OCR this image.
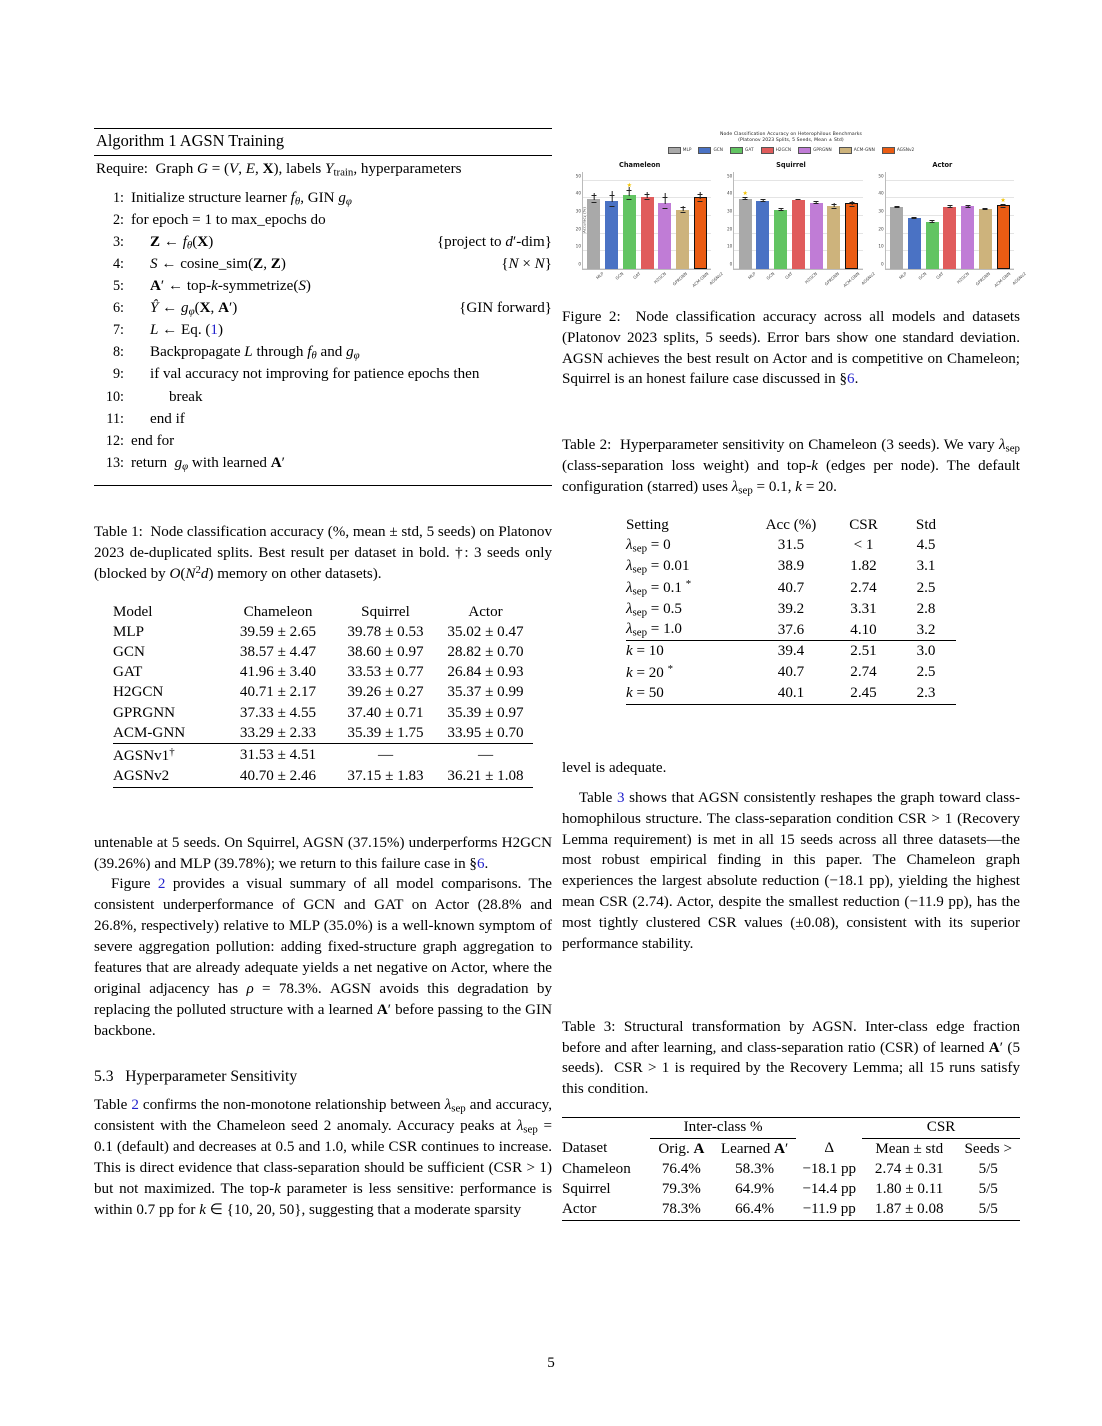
Algorithm 1 AGSN Training
Require:  Graph G = (V, E, X), labels $Y_{train}$, hyperparameters
1: Initialize structure learner $f_\theta$, GIN $g_\varphi$
2: for epoch = 1 to max_epochs do
3:	Z ← $f_\theta(X)$	{project to d′-dim}
4:	S ← cosine_sim(Z, Z)	{N × N}
5:	A′ ← top-k-symmetrize(S)
6:	Ŷ ← $g_\varphi(X$, A′)	{GIN forward}
7:	L ← Eq. (1)
8:	Backpropagate L through $f_\theta$ and $g_\varphi$
9:	if val accuracy not improving for patience epochs then
10:	break
11:	end if
12: end for
13: return  $g_\varphi$ with learned A′
Table 1:  Node classification accuracy (%, mean ± std, 5 seeds) on Platonov 2023 de-duplicated splits. Best result per dataset in bold. †: 3 seeds only (blocked by $O(N^2d)$ memory on other datasets).
Model	Chameleon	Squirrel	Actor
MLP	39.59 ± 2.65	39.78 ± 0.53	35.02 ± 0.47
GCN	38.57 ± 4.47	38.60 ± 0.97	28.82 ± 0.70
GAT	41.96 ± 3.40	33.53 ± 0.77	26.84 ± 0.93
H2GCN	40.71 ± 2.17	39.26 ± 0.27	35.37 ± 0.99
GPRGNN	37.33 ± 4.55	37.40 ± 0.71	35.39 ± 0.97
ACM-GNN	33.29 ± 2.33	35.39 ± 1.75	33.95 ± 0.70
AGSNv1†	31.53 ± 4.51	—	—
AGSNv2	40.70 ± 2.46	37.15 ± 1.83	36.21 ± 1.08
untenable at 5 seeds. On Squirrel, AGSN (37.15%) underperforms H2GCN (39.26%) and MLP (39.78%); we return to this failure case in §6.
Figure 2 provides a visual summary of all model comparisons. The consistent underperformance of GCN and GAT on Actor (28.8% and 26.8%, respectively) relative to MLP (35.0%) is a well-known symptom of severe aggregation pollution: adding fixed-structure graph aggregation to features that are already adequate yields a net negative on Actor, where the original adjacency has ρ = 78.3%. AGSN avoids this degradation by replacing the polluted structure with a learned A′ before passing to the GIN backbone.
5.3 Hyperparameter Sensitivity
Table 2 confirms the non-monotone relationship between $\lambda_{sep}$ and accuracy, consistent with the Chameleon seed 2 anomaly. Accuracy peaks at $\lambda_{sep} = 0.1$ (default) and decreases at 0.5 and 1.0, while CSR continues to increase. This is direct evidence that class-separation should be sufficient (CSR > 1) but not maximized. The top-k parameter is less sensitive: performance is within 0.7 pp for k ∈ {10, 20, 50}, suggesting that a moderate sparsity
Node Classification Accuracy on Heterophilous Benchmarks
(Platonov 2023 Splits, 5 Seeds, Mean ± Std)
MLP	GCN	GAT	H2GCN	GPRGNN	ACM-GNN	AGSNv2
Chameleon
Accuracy (%)
0
10
20
30
40
50
★
MLP GCN GAT	H2GCN GPRGNN ACM-GNN AGSNv2
Squirrel
0
10
20
30
40
50
★
MLP GCN GAT	H2GCN GPRGNN ACM-GNN AGSNv2
Actor
0
10
20
30
40
50
★
MLP GCN GAT	H2GCN GPRGNN ACM-GNN AGSNv2
Figure 2:  Node classification accuracy across all models and datasets (Platonov 2023 splits, 5 seeds). Error bars show one standard deviation. AGSN achieves the best result on Actor and is competitive on Chameleon; Squirrel is an honest failure case discussed in §6.
Table 2:  Hyperparameter sensitivity on Chameleon (3 seeds). We vary $\lambda_{sep}$ (class-separation loss weight) and top-k (edges per node). The default configuration (starred) uses $\lambda_{sep} = 0.1$, k = 20.
Setting	Acc (%)	CSR	Std
$\lambda_{sep} = 0$	31.5	< 1	4.5
$\lambda_{sep} = 0.01$	38.9	1.82	3.1
$\lambda_{sep} = 0.1$ *	40.7	2.74	2.5
$\lambda_{sep} = 0.5$	39.2	3.31	2.8
$\lambda_{sep} = 1.0$	37.6	4.10	3.2
k = 10	39.4	2.51	3.0
k = 20 *	40.7	2.74	2.5
k = 50	40.1	2.45	2.3
level is adequate.
Table 3 shows that AGSN consistently reshapes the graph toward class-homophilous structure. The class-separation condition CSR > 1 (Recovery Lemma requirement) is met in all 15 seeds across all three datasets—the most robust empirical finding in this paper. The Chameleon graph experiences the largest absolute reduction (−18.1 pp), yielding the highest mean CSR (2.74). Actor, despite the smallest reduction (−11.9 pp), has the most tightly clustered CSR values (±0.08), consistent with its superior performance stability.
Table 3: Structural transformation by AGSN. Inter-class edge fraction before and after learning, and class-separation ratio (CSR) of learned A′ (5 seeds).  CSR > 1 is required by the Recovery Lemma; all 15 runs satisfy this condition.
	Inter-class %			CSR	
Dataset	Orig. A	Learned A′	Δ	Mean ± std	Seeds >
Chameleon	76.4%	58.3%	−18.1 pp	2.74 ± 0.31	5/5
Squirrel	79.3%	64.9%	−14.4 pp	1.80 ± 0.11	5/5
Actor	78.3%	66.4%	−11.9 pp	1.87 ± 0.08	5/5
5
